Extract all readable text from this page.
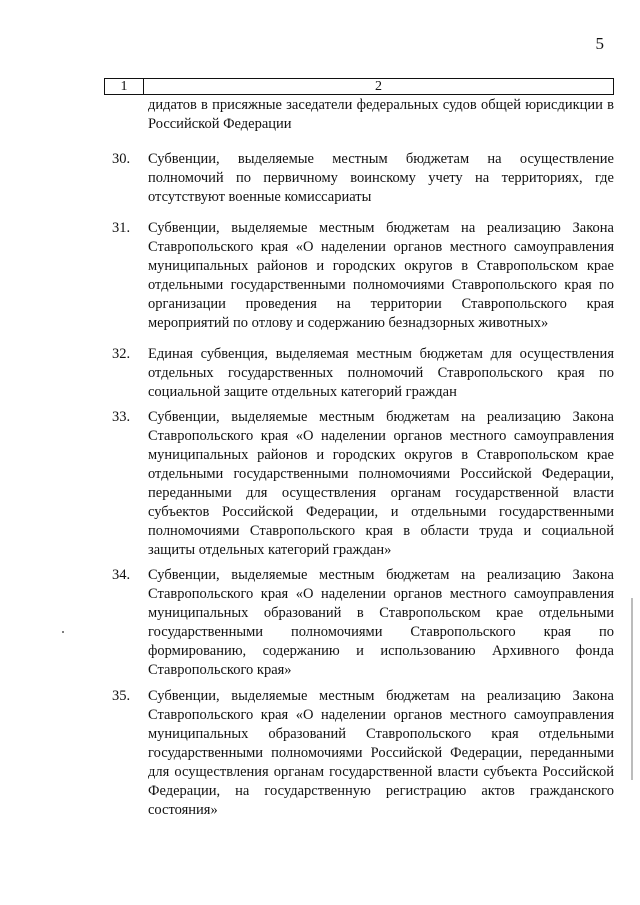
5
1	2
дидатов в присяжные заседатели федеральных судов общей юрисдикции в Российской Федерации
30. Субвенции, выделяемые местным бюджетам на осуществление полномочий по первичному воинскому учету на территориях, где отсутствуют военные комиссариаты
31. Субвенции, выделяемые местным бюджетам на реализацию Закона Ставропольского края «О наделении органов местного самоуправления муниципальных районов и городских округов в Ставропольском крае отдельными государственными полномочиями Ставропольского края по организации проведения на территории Ставропольского края мероприятий по отлову и содержанию безнадзорных животных»
32. Единая субвенция, выделяемая местным бюджетам для осуществления отдельных государственных полномочий Ставропольского края по социальной защите отдельных категорий граждан
33. Субвенции, выделяемые местным бюджетам на реализацию Закона Ставропольского края «О наделении органов местного самоуправления муниципальных районов и городских округов в Ставропольском крае отдельными государственными полномочиями Российской Федерации, переданными для осуществления органам государственной власти субъектов Российской Федерации, и отдельными государственными полномочиями Ставропольского края в области труда и социальной защиты отдельных категорий граждан»
34. Субвенции, выделяемые местным бюджетам на реализацию Закона Ставропольского края «О наделении органов местного самоуправления муниципальных образований в Ставропольском крае отдельными государственными полномочиями Ставропольского края по формированию, содержанию и использованию Архивного фонда Ставропольского края»
35. Субвенции, выделяемые местным бюджетам на реализацию Закона Ставропольского края «О наделении органов местного самоуправления муниципальных образований Ставропольского края отдельными государственными полномочиями Российской Федерации, переданными для осуществления органам государственной власти субъекта Российской Федерации, на государственную регистрацию актов гражданского состояния»
